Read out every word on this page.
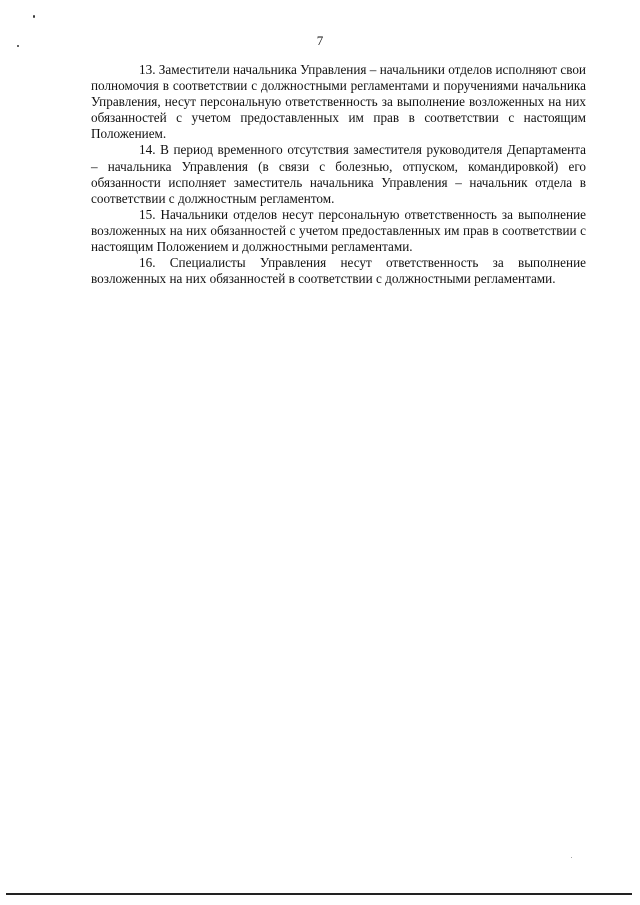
7

13. Заместители начальника Управления – начальники отделов исполняют свои полномочия в соответствии с должностными регламентами и поручениями начальника Управления, несут персональную ответственность за выполнение возложенных на них обязанностей с учетом предоставленных им прав в соответствии с настоящим Положением.

14. В период временного отсутствия заместителя руководителя Департамента – начальника Управления (в связи с болезнью, отпуском, командировкой) его обязанности исполняет заместитель начальника Управления – начальник отдела в соответствии с должностным регламентом.

15. Начальники отделов несут персональную ответственность за выполнение возложенных на них обязанностей с учетом предоставленных им прав в соответствии с настоящим Положением и должностными регламентами.

16. Специалисты Управления несут ответственность за выполнение возложенных на них обязанностей в соответствии с должностными регламентами.
